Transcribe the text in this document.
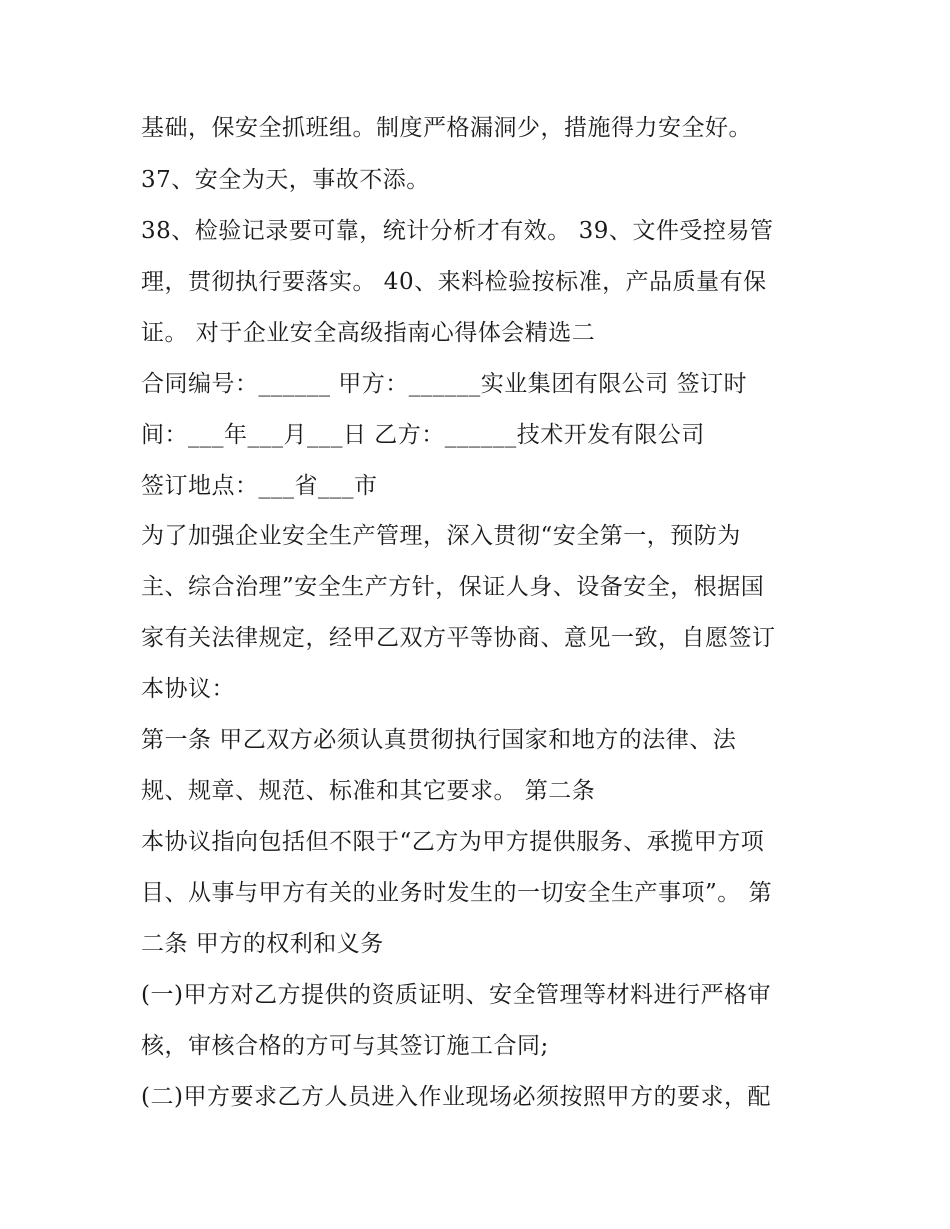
基础，保安全抓班组。制度严格漏洞少，措施得力安全好。
37、安全为天，事故不添。
38、检验记录要可靠，统计分析才有效。 39、文件受控易管
理，贯彻执行要落实。 40、来料检验按标准，产品质量有保
证。 对于企业安全高级指南心得体会精选二
合同编号：______ 甲方：______实业集团有限公司 签订时
间：___年___月___日 乙方：______技术开发有限公司
签订地点：___省___市
为了加强企业安全生产管理，深入贯彻“安全第一，预防为
主、综合治理”安全生产方针，保证人身、设备安全，根据国
家有关法律规定，经甲乙双方平等协商、意见一致，自愿签订
本协议：
第一条 甲乙双方必须认真贯彻执行国家和地方的法律、法
规、规章、规范、标准和其它要求。 第二条
本协议指向包括但不限于“乙方为甲方提供服务、承揽甲方项
目、从事与甲方有关的业务时发生的一切安全生产事项”。 第
二条 甲方的权利和义务
(一)甲方对乙方提供的资质证明、安全管理等材料进行严格审
核，审核合格的方可与其签订施工合同;
(二)甲方要求乙方人员进入作业现场必须按照甲方的要求，配
